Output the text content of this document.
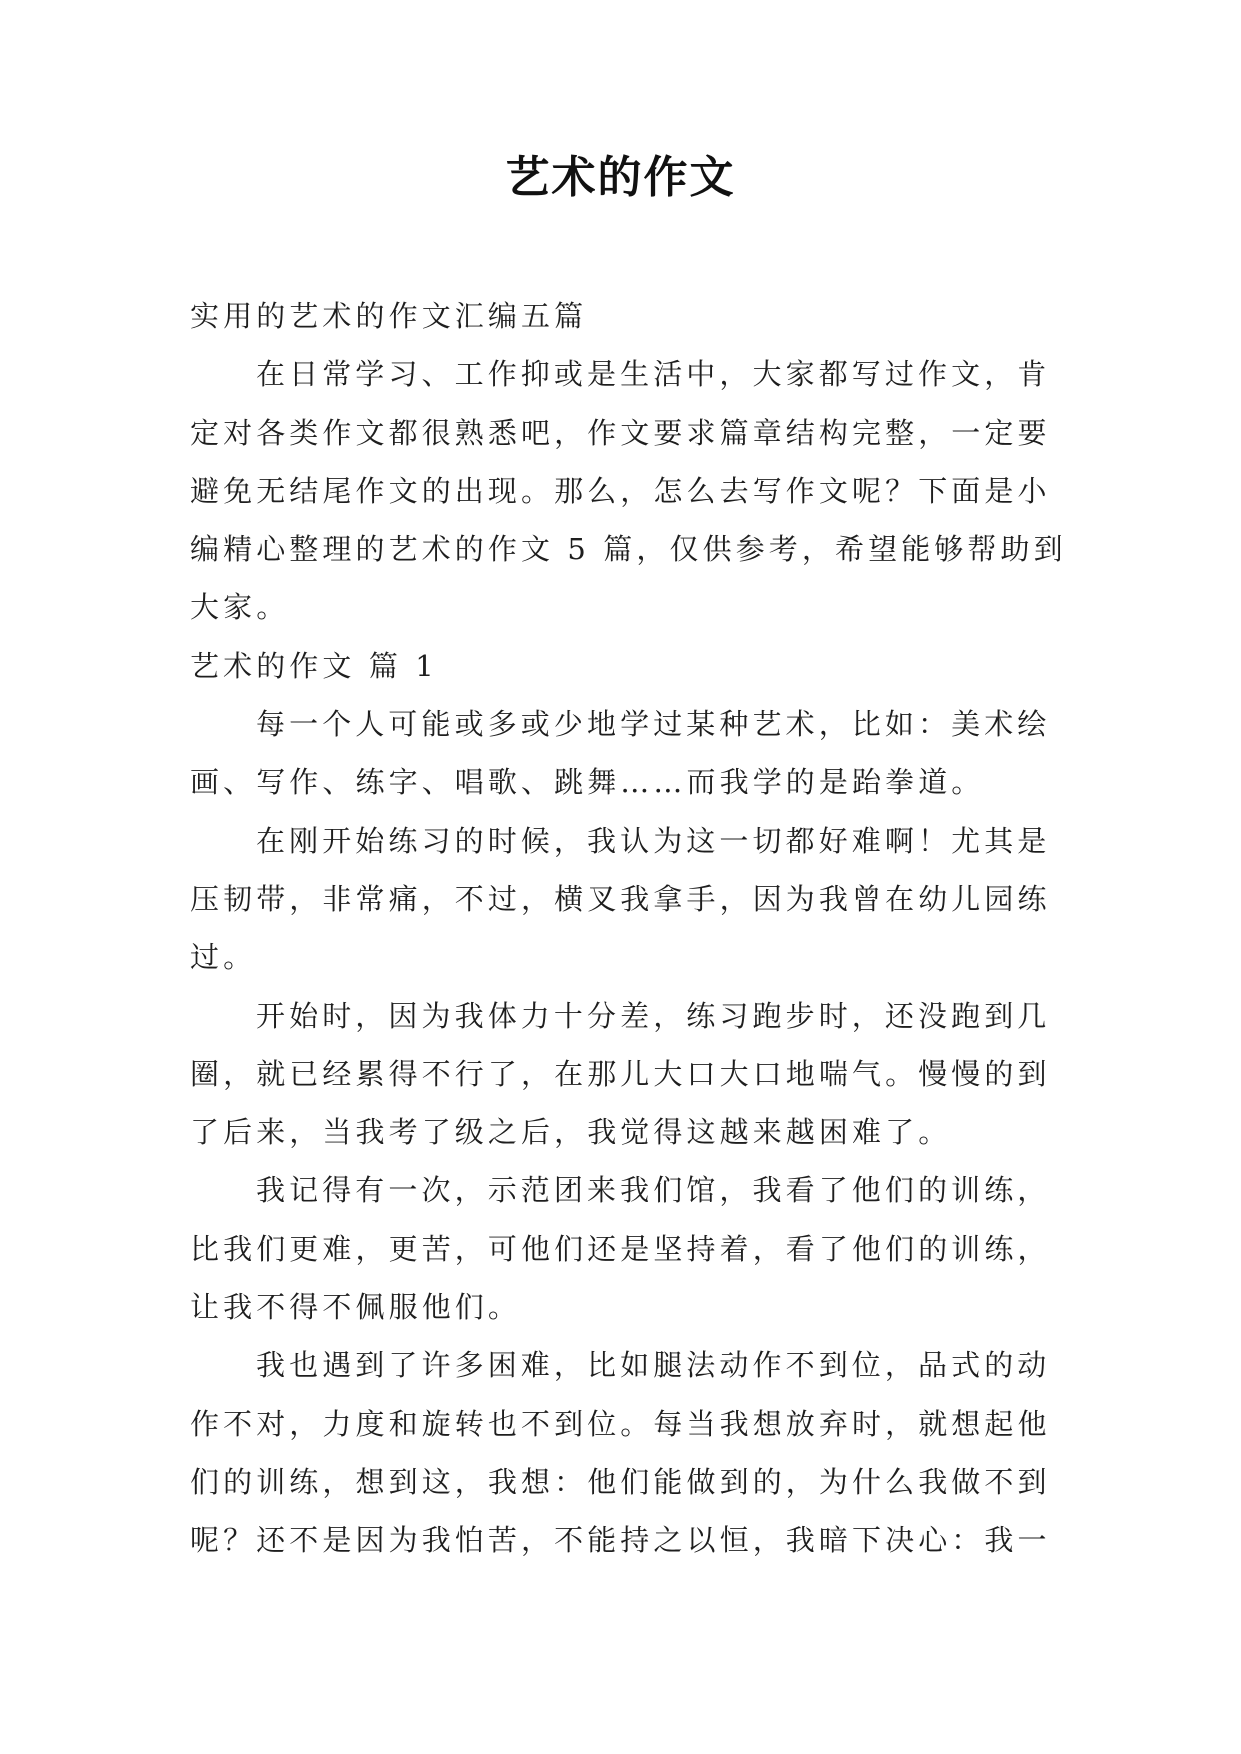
艺术的作文
实用的艺术的作文汇编五篇
在日常学习、工作抑或是生活中，大家都写过作文，肯
定对各类作文都很熟悉吧，作文要求篇章结构完整，一定要
避免无结尾作文的出现。那么，怎么去写作文呢？下面是小
编精心整理的艺术的作文 5 篇，仅供参考，希望能够帮助到
大家。
艺术的作文 篇 1
每一个人可能或多或少地学过某种艺术，比如：美术绘
画、写作、练字、唱歌、跳舞……而我学的是跆拳道。
在刚开始练习的时候，我认为这一切都好难啊！尤其是
压韧带，非常痛，不过，横叉我拿手，因为我曾在幼儿园练
过。
开始时，因为我体力十分差，练习跑步时，还没跑到几
圈，就已经累得不行了，在那儿大口大口地喘气。慢慢的到
了后来，当我考了级之后，我觉得这越来越困难了。
我记得有一次，示范团来我们馆，我看了他们的训练，
比我们更难，更苦，可他们还是坚持着，看了他们的训练，
让我不得不佩服他们。
我也遇到了许多困难，比如腿法动作不到位，品式的动
作不对，力度和旋转也不到位。每当我想放弃时，就想起他
们的训练，想到这，我想：他们能做到的，为什么我做不到
呢？还不是因为我怕苦，不能持之以恒，我暗下决心：我一
